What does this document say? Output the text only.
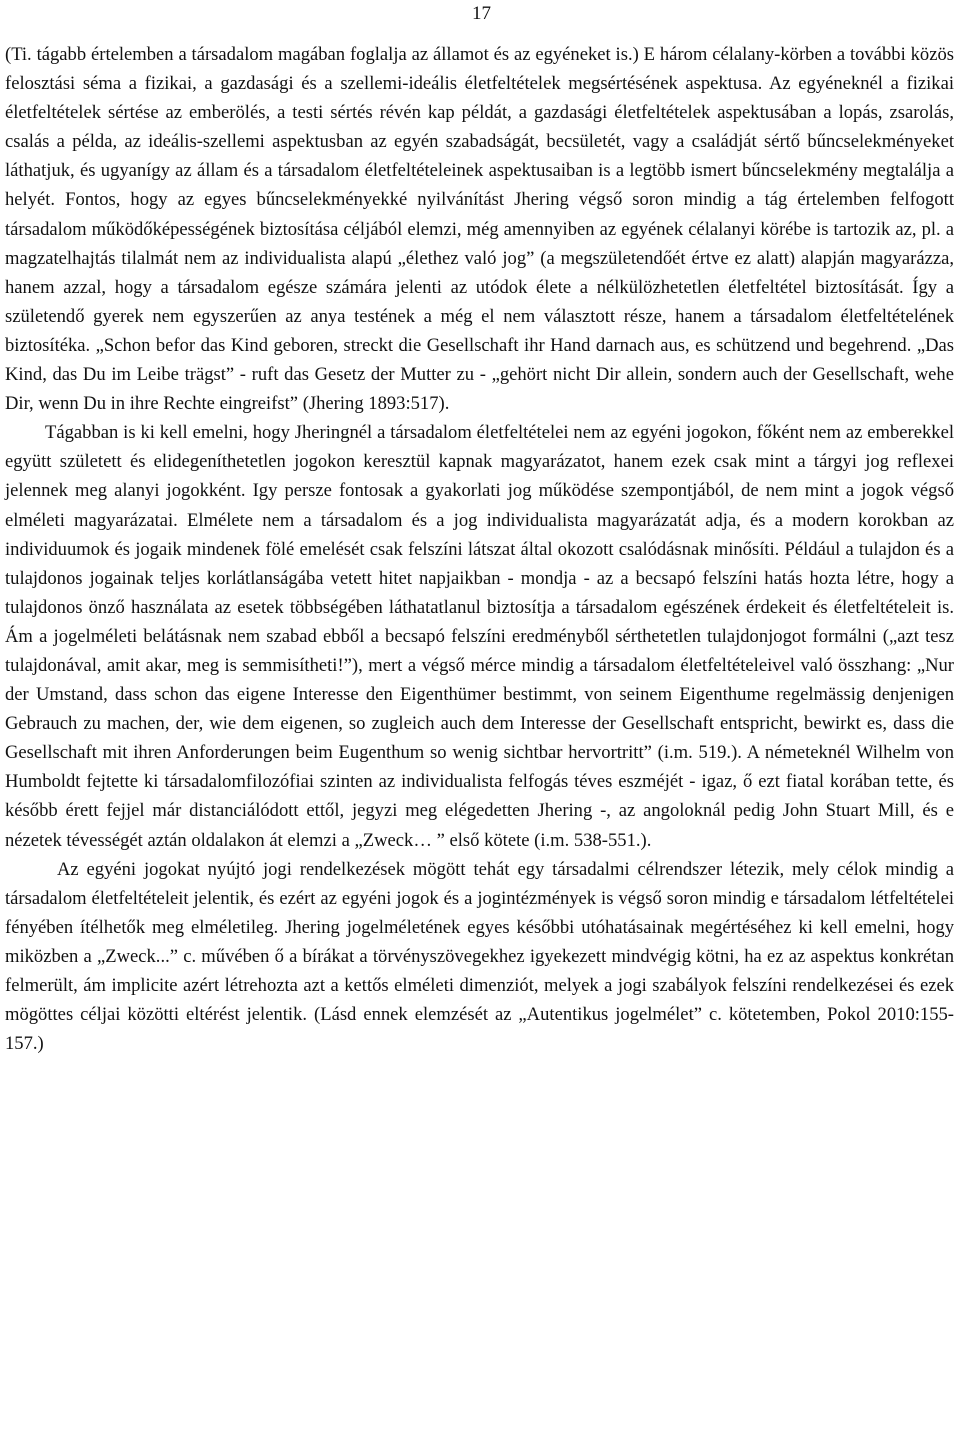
17

(Ti. tágabb értelemben a társadalom magában foglalja az államot és az egyéneket is.) E három célalany-körben a további közös felosztási séma a fizikai, a gazdasági és a szellemi-ideális életfeltételek megsértésének aspektusa. Az egyéneknél a fizikai életfeltételek sértése az emberölés, a testi sértés révén kap példát, a gazdasági életfeltételek aspektusában a lopás, zsarolás, csalás a példa, az ideális-szellemi aspektusban az egyén szabadságát, becsületét, vagy a családját sértő bűncselekményeket láthatjuk, és ugyanígy az állam és a társadalom életfeltételeinek aspektusaiban is a legtöbb ismert bűncselekmény megtalálja a helyét. Fontos, hogy az egyes bűncselekményekké nyilvánítást Jhering végső soron mindig a tág értelemben felfogott társadalom működőképességének biztosítása céljából elemzi, még amennyiben az egyének célalanyi körébe is tartozik az, pl. a magzatelhajtás tilalmát nem az individualista alapú „élethez való jog” (a megszületendőét értve ez alatt) alapján magyarázza, hanem azzal, hogy a társadalom egésze számára jelenti az utódok élete a nélkülözhetetlen életfeltétel biztosítását. Így a születendő gyerek nem egyszerűen az anya testének a még el nem választott része, hanem a társadalom életfeltételének biztosítéka. „Schon befor das Kind geboren, streckt die Gesellschaft ihr Hand darnach aus, es schützend und begehrend. „Das Kind, das Du im Leibe trägst” - ruft das Gesetz der Mutter zu - „gehört nicht Dir allein, sondern auch der Gesellschaft, wehe Dir, wenn Du in ihre Rechte eingreifst” (Jhering 1893:517).

Tágabban is ki kell emelni, hogy Jheringnél a társadalom életfeltételei nem az egyéni jogokon, főként nem az emberekkel együtt született és elidegeníthetetlen jogokon keresztül kapnak magyarázatot, hanem ezek csak mint a tárgyi jog reflexei jelennek meg alanyi jogokként. Igy persze fontosak a gyakorlati jog működése szempontjából, de nem mint a jogok végső elméleti magyarázatai. Elmélete nem a társadalom és a jog individualista magyarázatát adja, és a modern korokban az individuumok és jogaik mindenek fölé emelését csak felszíni látszat által okozott csalódásnak minősíti. Például a tulajdon és a tulajdonos jogainak teljes korlátlanságába vetett hitet napjaikban - mondja - az a becsapó felszíni hatás hozta létre, hogy a tulajdonos önző használata az esetek többségében láthatatlanul biztosítja a társadalom egészének érdekeit és életfeltételeit is. Ám a jogelméleti belátásnak nem szabad ebből a becsapó felszíni eredményből sérthetetlen tulajdonjogot formálni („azt tesz tulajdonával, amit akar, meg is semmisítheti!”), mert a végső mérce mindig a társadalom életfeltételeivel való összhang: „Nur der Umstand, dass schon das eigene Interesse den Eigenthümer bestimmt, von seinem Eigenthume regelmässig denjenigen Gebrauch zu machen, der, wie dem eigenen, so zugleich auch dem Interesse der Gesellschaft entspricht, bewirkt es, dass die Gesellschaft mit ihren Anforderungen beim Eugenthum so wenig sichtbar hervortritt” (i.m. 519.). A németeknél Wilhelm von Humboldt fejtette ki társadalomfilozófiai szinten az individualista felfogás téves eszméjét - igaz, ő ezt fiatal korában tette, és később érett fejjel már distanciálódott ettől, jegyzi meg elégedetten Jhering -, az angoloknál pedig John Stuart Mill, és e nézetek tévességét aztán oldalakon át elemzi a „Zweck… ” első kötete (i.m. 538-551.).

Az egyéni jogokat nyújtó jogi rendelkezések mögött tehát egy társadalmi célrendszer létezik, mely célok mindig a társadalom életfeltételeit jelentik, és ezért az egyéni jogok és a jogintézmények is végső soron mindig e társadalom létfeltételei fényében ítélhetők meg elméletileg. Jhering jogelméletének egyes későbbi utóhatásainak megértéséhez ki kell emelni, hogy miközben a „Zweck...” c. művében ő a bírákat a törvényszövegekhez igyekezett mindvégig kötni, ha ez az aspektus konkrétan felmerült, ám implicite azért létrehozta azt a kettős elméleti dimenziót, melyek a jogi szabályok felszíni rendelkezései és ezek mögöttes céljai közötti eltérést jelentik. (Lásd ennek elemzését az „Autentikus jogelmélet” c. kötetemben, Pokol 2010:155-157.)
